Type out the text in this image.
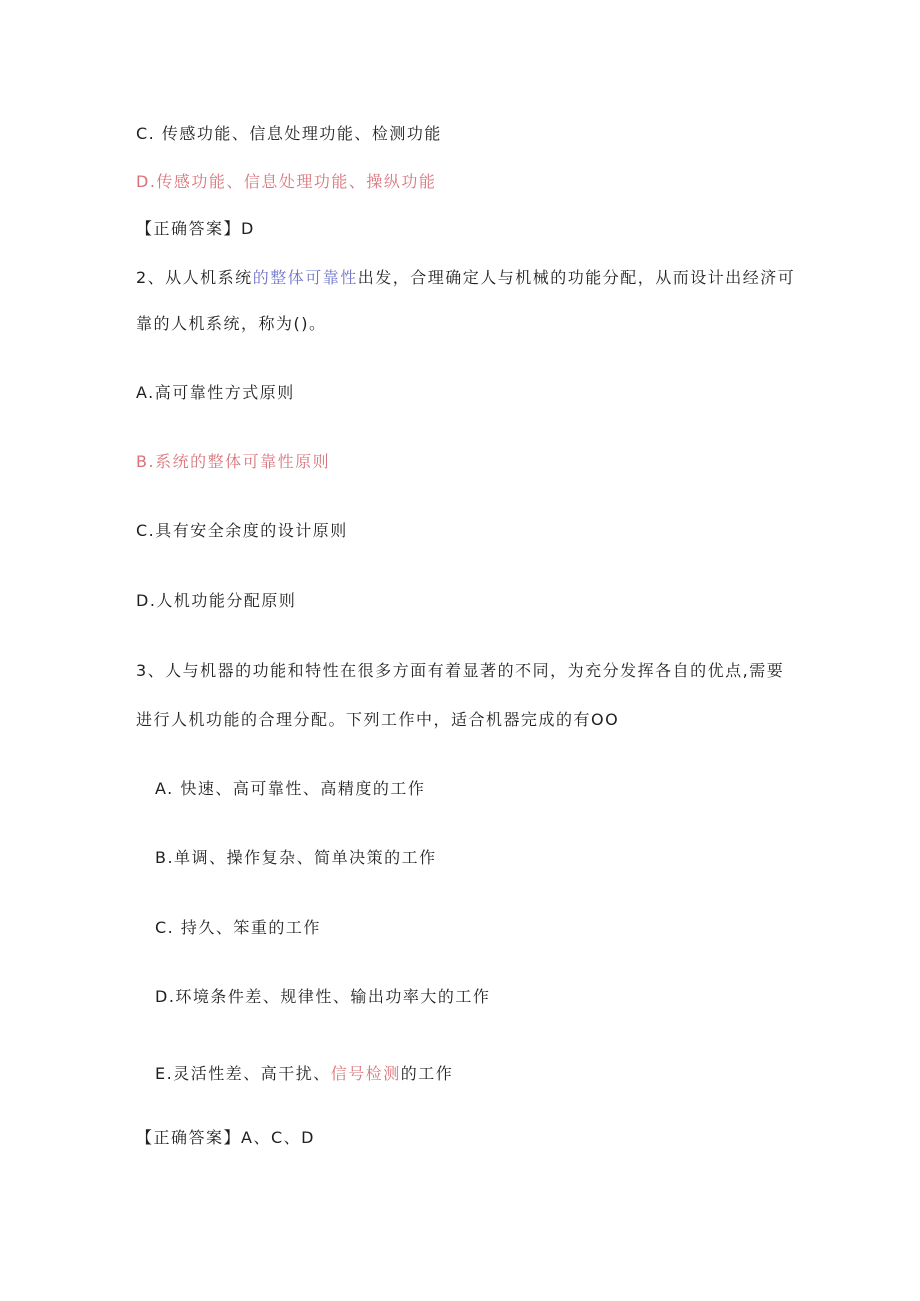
C. 传感功能、信息处理功能、检测功能
D.传感功能、信息处理功能、操纵功能
【正确答案】D
2、从人机系统的整体可靠性出发，合理确定人与机械的功能分配，从而设计出经济可
靠的人机系统，称为()。
A.高可靠性方式原则
B.系统的整体可靠性原则
C.具有安全余度的设计原则
D.人机功能分配原则
3、人与机器的功能和特性在很多方面有着显著的不同，为充分发挥各自的优点,需要
进行人机功能的合理分配。下列工作中，适合机器完成的有OO
A. 快速、高可靠性、高精度的工作
B.单调、操作复杂、简单决策的工作
C. 持久、笨重的工作
D.环境条件差、规律性、输出功率大的工作
E.灵活性差、高干扰、信号检测的工作
【正确答案】A、C、D
